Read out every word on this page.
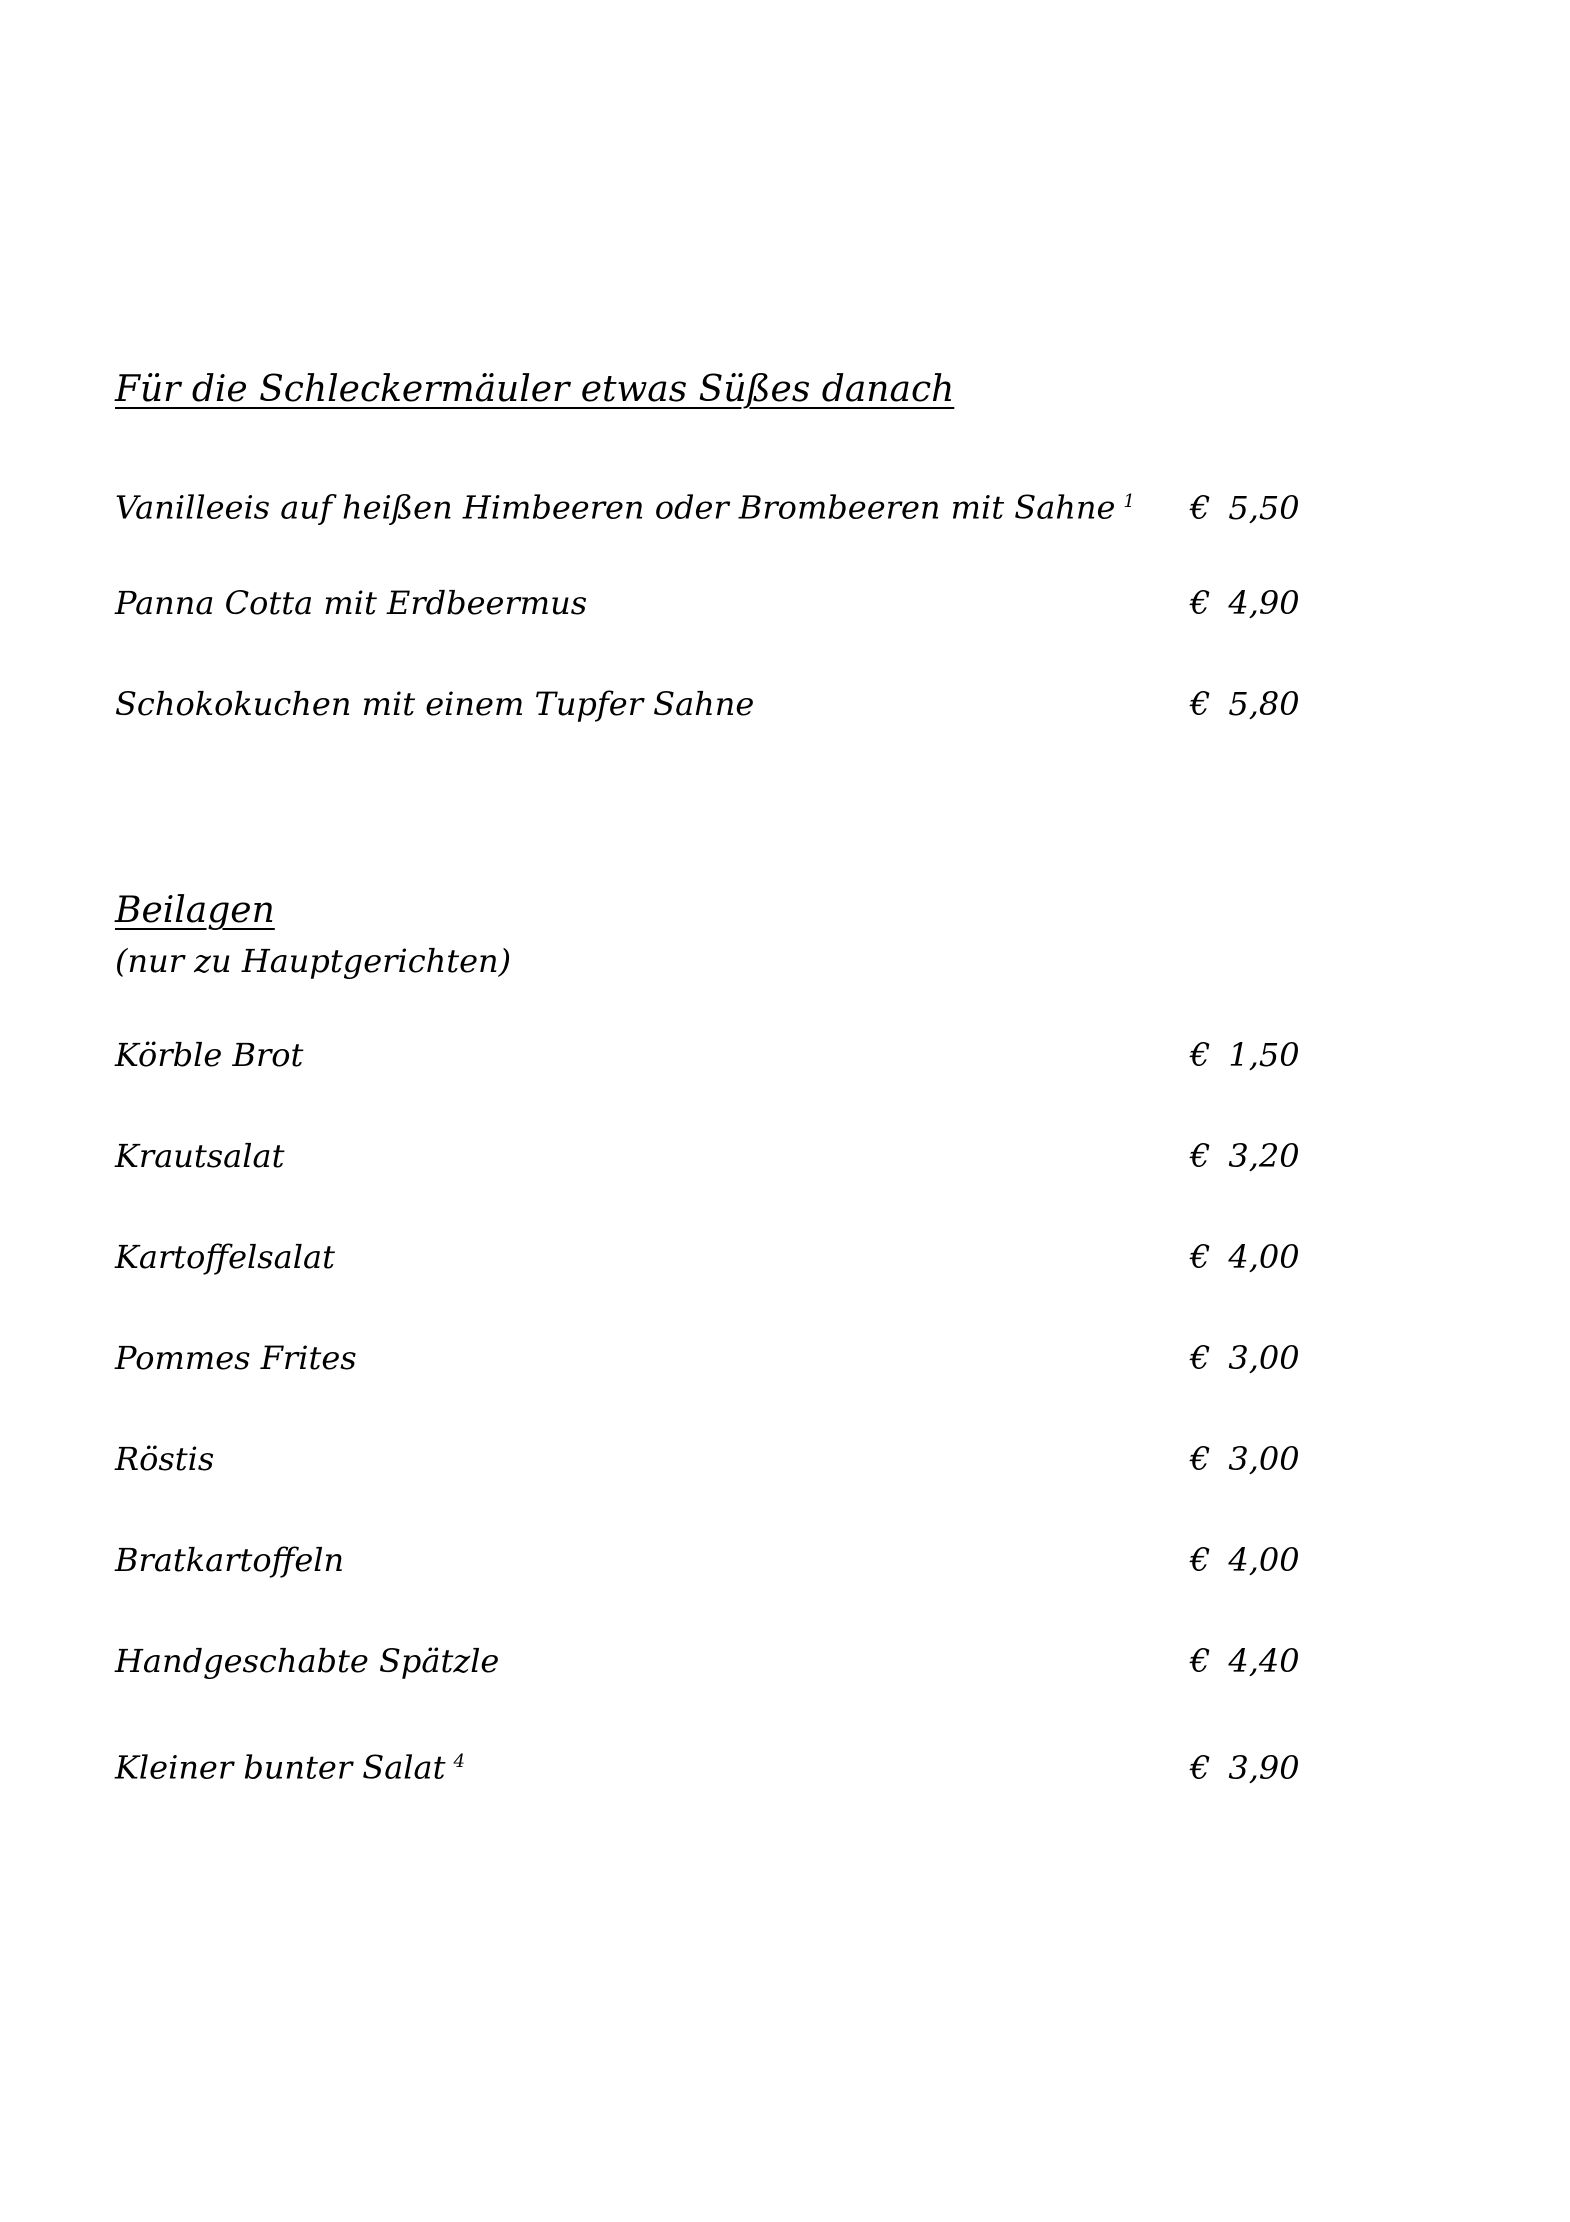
Für die Schleckermäuler etwas Süßes danach
Vanilleeis auf heißen Himbeeren oder Brombeeren mit Sahne $^1$ € 5,50
Panna Cotta mit Erdbeermus	€ 4,90
Schokokuchen mit einem Tupfer Sahne	€ 5,80
Beilagen

(nur zu Hauptgerichten)

Körble Brot	€ 1,50
Krautsalat	€ 3,20
Kartoffelsalat	€ 4,00
Pommes Frites	€ 3,00
Röstis	€ 3,00
Bratkartoffeln	€ 4,00
Handgeschabte Spätzle	€ 4,40
Kleiner bunter Salat $^4$	€ 3,90
